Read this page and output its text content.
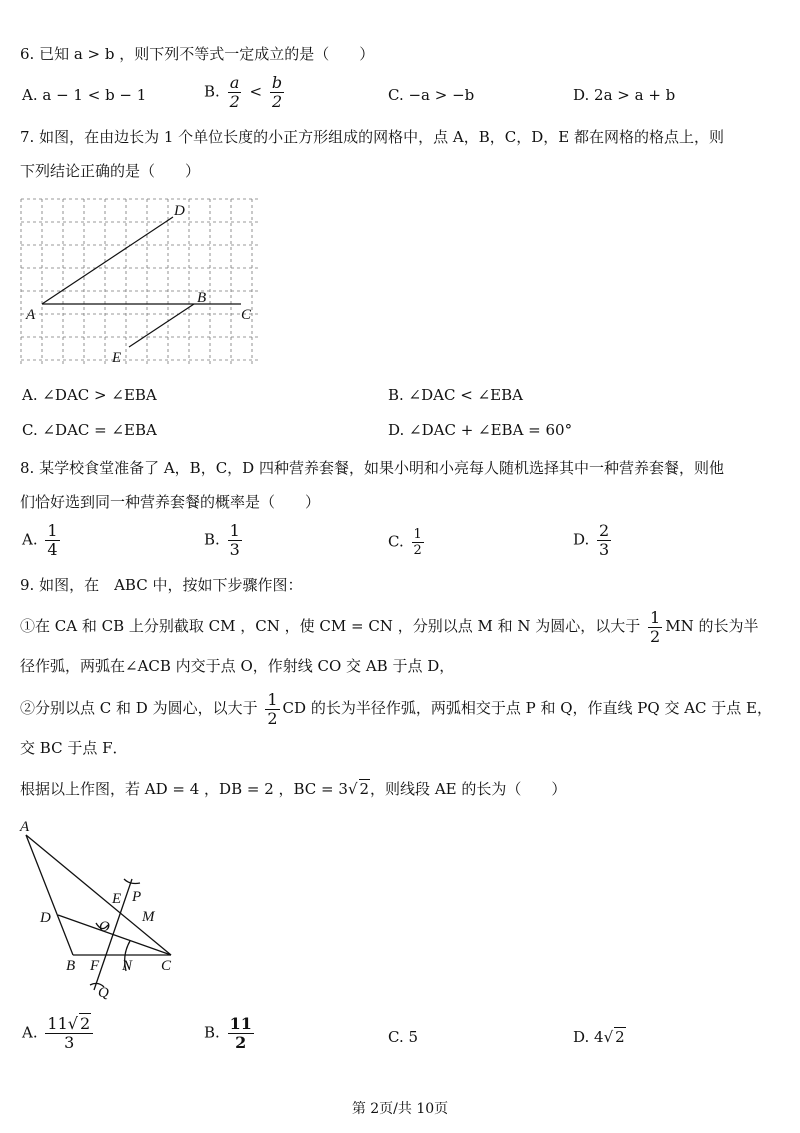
6. 已知 a > b ，则下列不等式一定成立的是（　　）
A. a − 1 < b − 1	B. $\frac{a}{2} < \frac{b}{2}$	C. −a > −b	D. 2a > a + b
7. 如图，在由边长为 1 个单位长度的小正方形组成的网格中，点 A，B，C，D，E 都在网格的格点上，则
下列结论正确的是（　　）
A
B
C
D
E
A. ∠DAC > ∠EBA	B. ∠DAC < ∠EBA
C. ∠DAC = ∠EBA	D. ∠DAC + ∠EBA = 60°
8. 某学校食堂准备了 A，B，C，D 四种营养套餐，如果小明和小亮每人随机选择其中一种营养套餐，则他
们恰好选到同一种营养套餐的概率是（　　）
A. $\frac{1}{4}$	B. $\frac{1}{3}$	C. $\frac{1}{2}$	D. $\frac{2}{3}$
9. 如图，在　ABC 中，按如下步骤作图：
①在 CA 和 CB 上分别截取 CM ，CN ，使 CM = CN ，分别以点 M 和 N 为圆心，以大于 $\frac{1}{2}$ MN 的长为半
径作弧，两弧在∠ACB 内交于点 O，作射线 CO 交 AB 于点 D，
②分别以点 C 和 D 为圆心，以大于 $\frac{1}{2}$ CD 的长为半径作弧，两弧相交于点 P 和 Q，作直线 PQ 交 AC 于点 E，
交 BC 于点 F．
根据以上作图，若 AD = 4 ，DB = 2 ，BC = 3√ 2，则线段 AE 的长为（　　）
A
B	C
D
E
F
M
N
O
P
Q
A. $\frac{11√ 2}{3}$	B. $\frac{11}{2}$	C. 5	D. 4√ 2
第 2页/共 10页
